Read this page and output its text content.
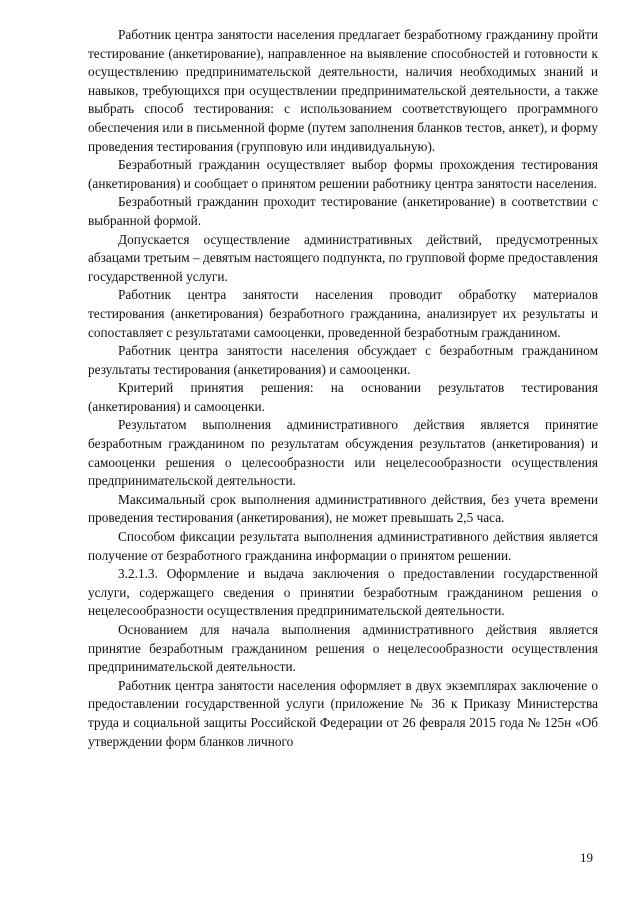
Работник центра занятости населения предлагает безработному гражданину пройти тестирование (анкетирование), направленное на выявление способностей и готовности к осуществлению предпринимательской деятельности, наличия необходимых знаний и навыков, требующихся при осуществлении предпринимательской деятельности, а также выбрать способ тестирования: с использованием соответствующего программного обеспечения или в письменной форме (путем заполнения бланков тестов, анкет), и форму проведения тестирования (групповую или индивидуальную).

Безработный гражданин осуществляет выбор формы прохождения тестирования (анкетирования) и сообщает о принятом решении работнику центра занятости населения.

Безработный гражданин проходит тестирование (анкетирование) в соответствии с выбранной формой.

Допускается осуществление административных действий, предусмотренных абзацами третьим – девятым настоящего подпункта, по групповой форме предоставления государственной услуги.

Работник центра занятости населения проводит обработку материалов тестирования (анкетирования) безработного гражданина, анализирует их результаты и сопоставляет с результатами самооценки, проведенной безработным гражданином.

Работник центра занятости населения обсуждает с безработным гражданином результаты тестирования (анкетирования) и самооценки.

Критерий принятия решения: на основании результатов тестирования (анкетирования) и самооценки.

Результатом выполнения административного действия является принятие безработным гражданином по результатам обсуждения результатов (анкетирования) и самооценки решения о целесообразности или нецелесообразности осуществления предпринимательской деятельности.

Максимальный срок выполнения административного действия, без учета времени проведения тестирования (анкетирования), не может превышать 2,5 часа.

Способом фиксации результата выполнения административного действия является получение от безработного гражданина информации о принятом решении.

3.2.1.3. Оформление и выдача заключения о предоставлении государственной услуги, содержащего сведения о принятии безработным гражданином решения о нецелесообразности осуществления предпринимательской деятельности.

Основанием для начала выполнения административного действия является принятие безработным гражданином решения о нецелесообразности осуществления предпринимательской деятельности.

Работник центра занятости населения оформляет в двух экземплярах заключение о предоставлении государственной услуги (приложение № 36 к Приказу Министерства труда и социальной защиты Российской Федерации от 26 февраля 2015 года № 125н «Об утверждении форм бланков личного

19
